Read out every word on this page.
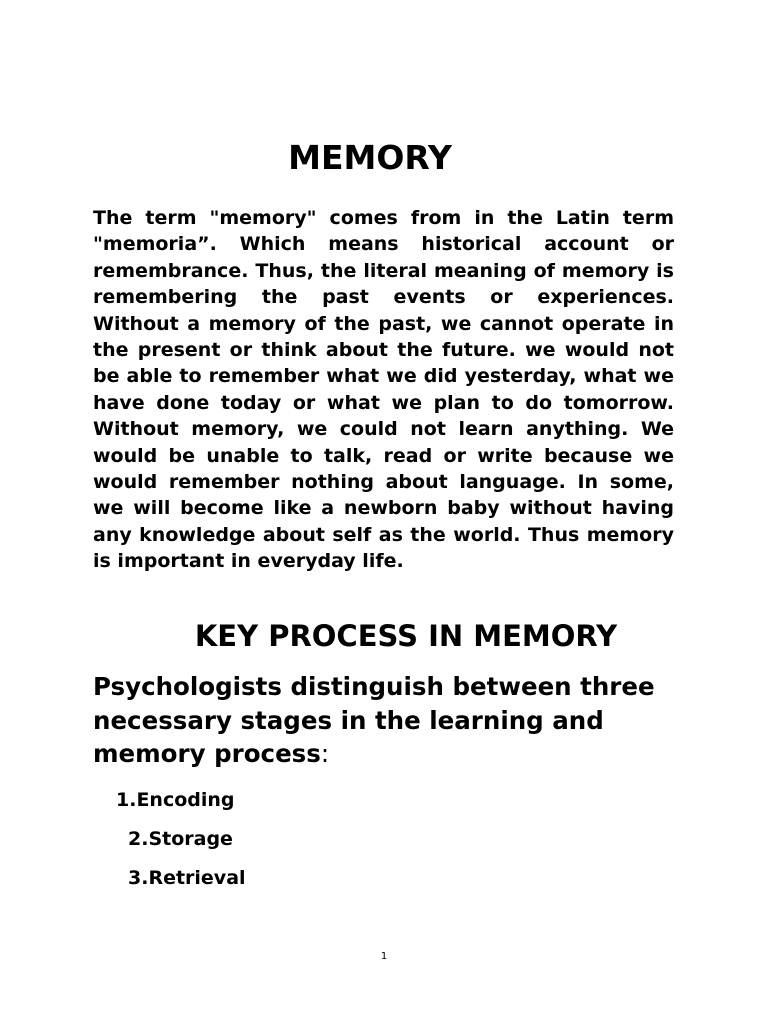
MEMORY

The term "memory" comes from in the Latin term "memoria”. Which means historical account or remembrance. Thus, the literal meaning of memory is remembering the past events or experiences. Without a memory of the past, we cannot operate in the present or think about the future. we would not be able to remember what we did yesterday, what we have done today or what we plan to do tomorrow. Without memory, we could not learn anything. We would be unable to talk, read or write because we would remember nothing about language. In some, we will become like a newborn baby without having any knowledge about self as the world. Thus memory is important in everyday life.

KEY PROCESS IN MEMORY

Psychologists distinguish between three necessary stages in the learning and memory process:

1.Encoding

2.Storage

3.Retrieval

1
